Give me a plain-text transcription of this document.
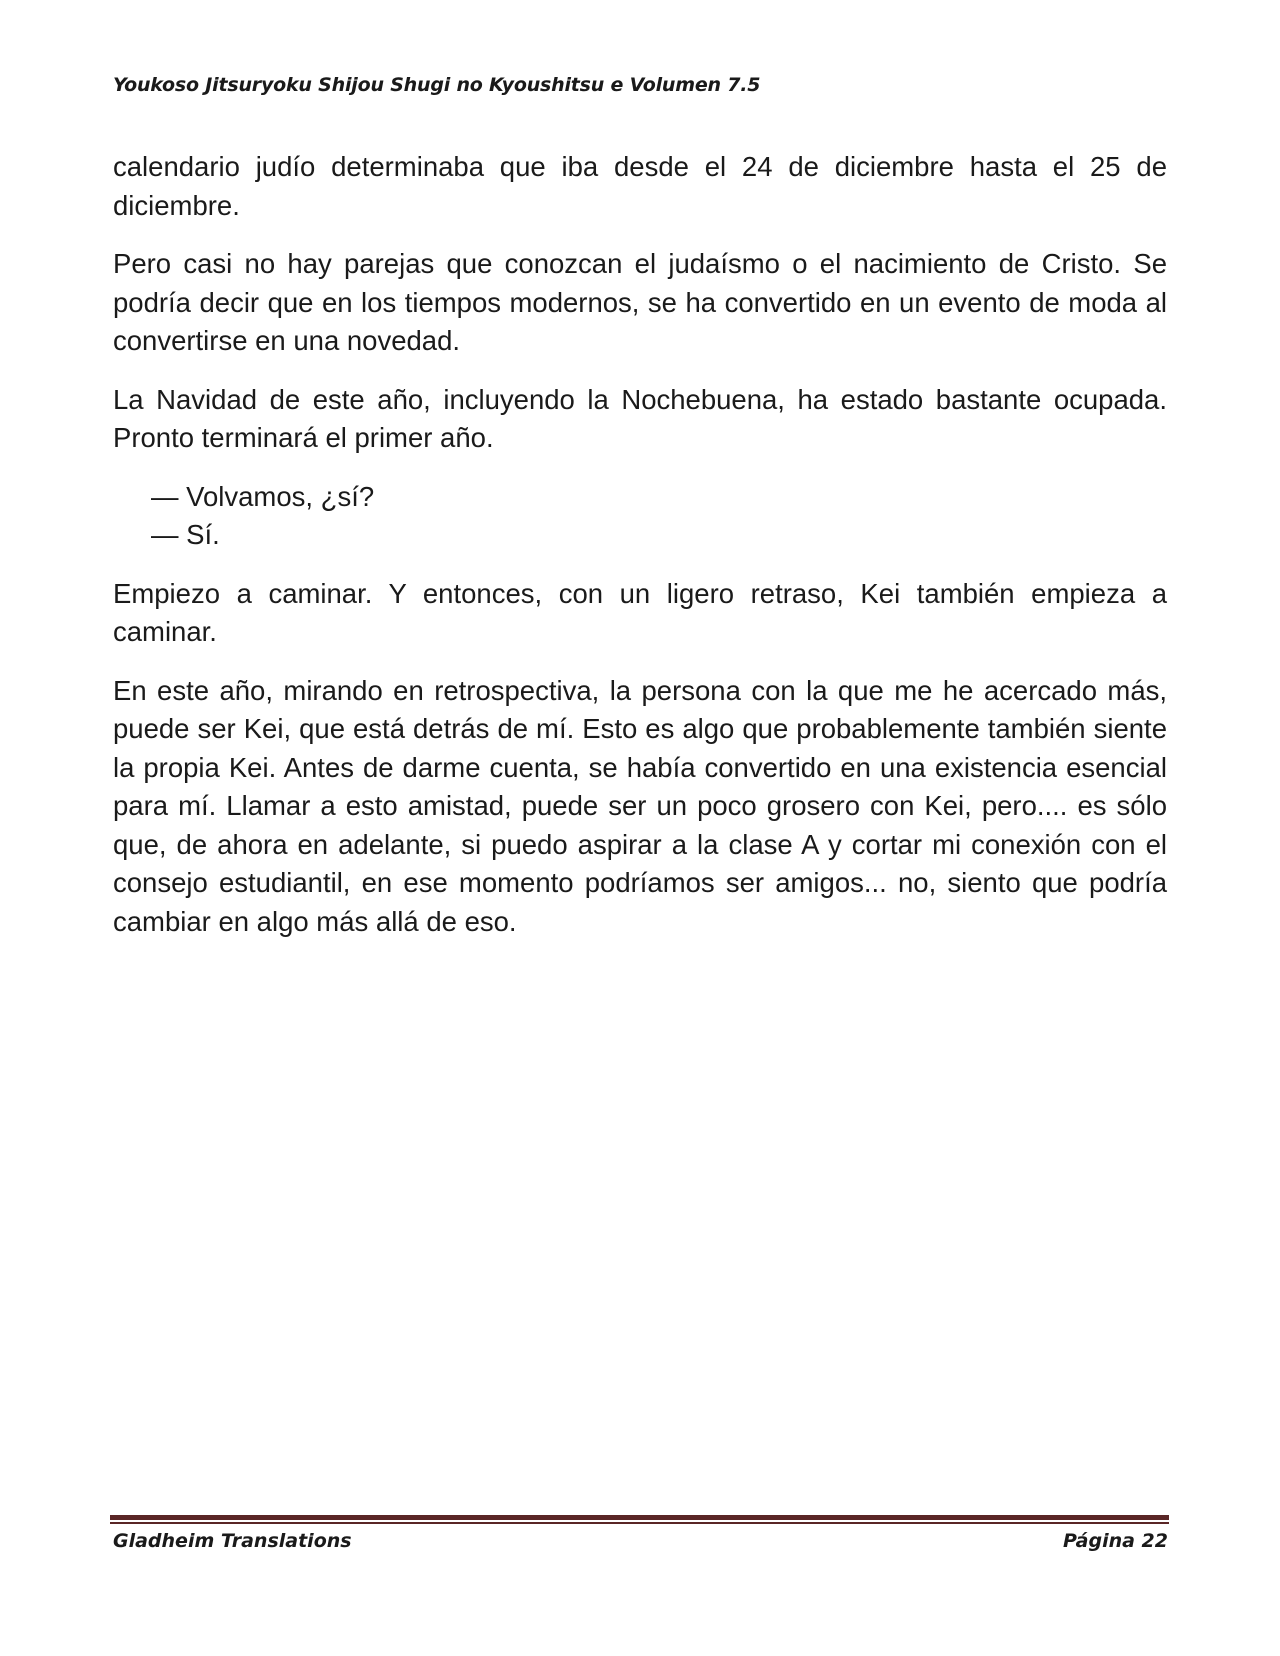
Youkoso Jitsuryoku Shijou Shugi no Kyoushitsu e Volumen 7.5

calendario judío determinaba que iba desde el 24 de diciembre hasta el 25 de diciembre.

Pero casi no hay parejas que conozcan el judaísmo o el nacimiento de Cristo. Se podría decir que en los tiempos modernos, se ha convertido en un evento de moda al convertirse en una novedad.

La Navidad de este año, incluyendo la Nochebuena, ha estado bastante ocupada. Pronto terminará el primer año.

— Volvamos, ¿sí?
— Sí.

Empiezo a caminar. Y entonces, con un ligero retraso, Kei también empieza a caminar.

En este año, mirando en retrospectiva, la persona con la que me he acercado más, puede ser Kei, que está detrás de mí. Esto es algo que probablemente también siente la propia Kei. Antes de darme cuenta, se había convertido en una existencia esencial para mí. Llamar a esto amistad, puede ser un poco grosero con Kei, pero.... es sólo que, de ahora en adelante, si puedo aspirar a la clase A y cortar mi conexión con el consejo estudiantil, en ese momento podríamos ser amigos... no, siento que podría cambiar en algo más allá de eso.

Gladheim Translations	Página 22
